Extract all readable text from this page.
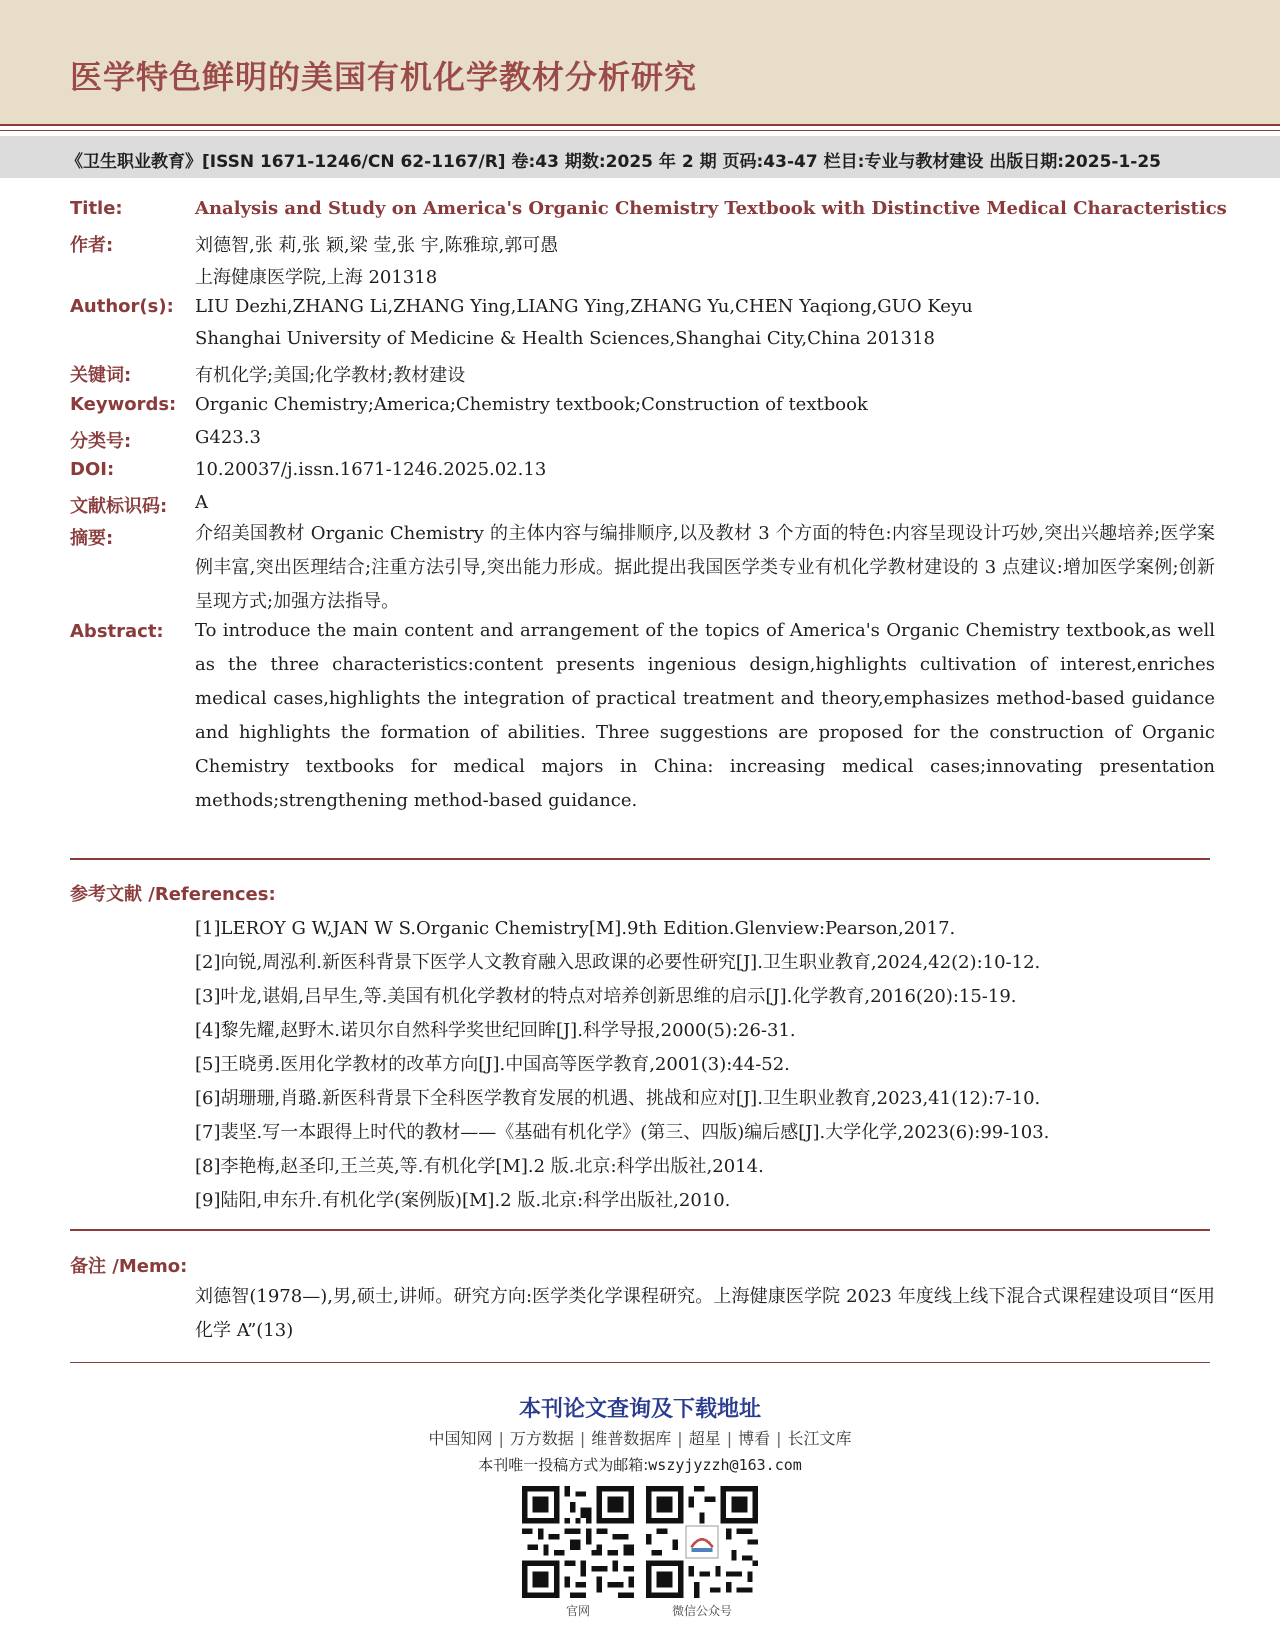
医学特色鲜明的美国有机化学教材分析研究
《卫生职业教育》[ISSN 1671-1246/CN 62-1167/R] 卷:43 期数:2025 年 2 期 页码:43-47 栏目:专业与教材建设 出版日期:2025-1-25
Title:	Analysis and Study on America's Organic Chemistry Textbook with Distinctive Medical Characteristics
作者:	刘德智,张 莉,张 颖,梁 莹,张 宇,陈雅琼,郭可愚
上海健康医学院,上海 201318
Author(s): LIU Dezhi,ZHANG Li,ZHANG Ying,LIANG Ying,ZHANG Yu,CHEN Yaqiong,GUO Keyu
Shanghai University of Medicine & Health Sciences,Shanghai City,China 201318
关键词:	有机化学;美国;化学教材;教材建设
Keywords: Organic Chemistry;America;Chemistry textbook;Construction of textbook
分类号:	G423.3
DOI:	10.20037/j.issn.1671-1246.2025.02.13
文献标识码: A
摘要:	介绍美国教材 Organic Chemistry 的主体内容与编排顺序,以及教材 3 个方面的特色:内容呈现设计巧妙,突出兴趣培养;医学案例丰富,突出医理结合;注重方法引导,突出能力形成。据此提出我国医学类专业有机化学教材建设的 3 点建议:增加医学案例;创新呈现方式;加强方法指导。
Abstract: To introduce the main content and arrangement of the topics of America's Organic Chemistry textbook,as well as the three characteristics:content presents ingenious design,highlights cultivation of interest,enriches medical cases,highlights the integration of practical treatment and theory,emphasizes method-based guidance and highlights the formation of abilities. Three suggestions are proposed for the construction of Organic Chemistry textbooks for medical majors in China: increasing medical cases;innovating presentation methods;strengthening method-based guidance.
参考文献 /References:
[1]LEROY G W,JAN W S.Organic Chemistry[M].9th Edition.Glenview:Pearson,2017.
[2]向锐,周泓利.新医科背景下医学人文教育融入思政课的必要性研究[J].卫生职业教育,2024,42(2):10-12.
[3]叶龙,谌娟,吕早生,等.美国有机化学教材的特点对培养创新思维的启示[J].化学教育,2016(20):15-19.
[4]黎先耀,赵野木.诺贝尔自然科学奖世纪回眸[J].科学导报,2000(5):26-31.
[5]王晓勇.医用化学教材的改革方向[J].中国高等医学教育,2001(3):44-52.
[6]胡珊珊,肖璐.新医科背景下全科医学教育发展的机遇、挑战和应对[J].卫生职业教育,2023,41(12):7-10.
[7]裴坚.写一本跟得上时代的教材——《基础有机化学》(第三、四版)编后感[J].大学化学,2023(6):99-103.
[8]李艳梅,赵圣印,王兰英,等.有机化学[M].2 版.北京:科学出版社,2014.
[9]陆阳,申东升.有机化学(案例版)[M].2 版.北京:科学出版社,2010.
备注 /Memo:
刘德智(1978—),男,硕士,讲师。研究方向:医学类化学课程研究。上海健康医学院 2023 年度线上线下混合式课程建设项目“医用化学 A”(13)
本刊论文查询及下载地址
中国知网 | 万方数据 | 维普数据库 | 超星 | 博看 | 长江文库
本刊唯一投稿方式为邮箱:wszyjyzzh@163.com
官网	微信公众号
